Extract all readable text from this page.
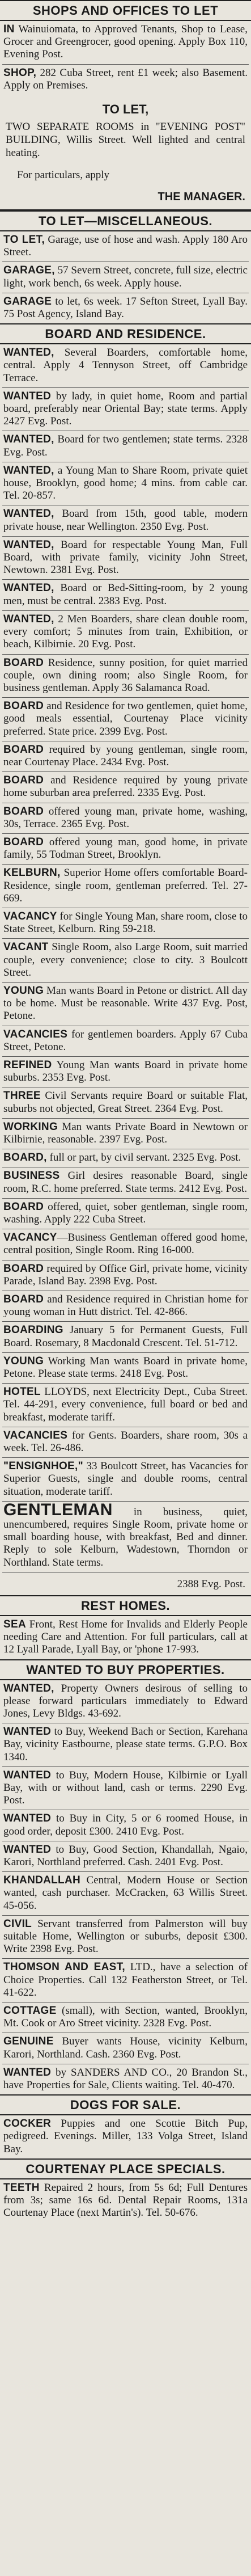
SHOPS AND OFFICES TO LET

IN Wainuiomata, to Approved Tenants, Shop to Lease, Grocer and Greengrocer, good opening. Apply Box 110, Evening Post.

SHOP, 282 Cuba Street, rent £1 week; also Basement. Apply on Premises.

TO LET,
TWO SEPARATE ROOMS in "EVENING POST" BUILDING, Willis Street. Well lighted and central heating.
For particulars, apply
THE MANAGER.
TO LET—MISCELLANEOUS.

TO LET, Garage, use of hose and wash. Apply 180 Aro Street.

GARAGE, 57 Severn Street, concrete, full size, electric light, work bench, 6s week. Apply house.

GARAGE to let, 6s week. 17 Sefton Street, Lyall Bay. 75 Post Agency, Island Bay.

BOARD AND RESIDENCE.

WANTED, Several Boarders, comfortable home, central. Apply 4 Tennyson Street, off Cambridge Terrace.

WANTED by lady, in quiet home, Room and partial board, preferably near Oriental Bay; state terms. Apply 2427 Evg. Post.

WANTED, Board for two gentlemen; state terms. 2328 Evg. Post.

WANTED, a Young Man to Share Room, private quiet house, Brooklyn, good home; 4 mins. from cable car. Tel. 20-857.

WANTED, Board from 15th, good table, modern private house, near Wellington. 2350 Evg. Post.

WANTED, Board for respectable Young Man, Full Board, with private family, vicinity John Street, Newtown. 2381 Evg. Post.

WANTED, Board or Bed-Sitting-room, by 2 young men, must be central. 2383 Evg. Post.

WANTED, 2 Men Boarders, share clean double room, every comfort; 5 minutes from train, Exhibition, or beach, Kilbirnie. 20 Evg. Post.

BOARD Residence, sunny position, for quiet married couple, own dining room; also Single Room, for business gentleman. Apply 36 Salamanca Road.

BOARD and Residence for two gentlemen, quiet home, good meals essential, Courtenay Place vicinity preferred. State price. 2399 Evg. Post.

BOARD required by young gentleman, single room, near Courtenay Place. 2434 Evg. Post.

BOARD and Residence required by young private home suburban area preferred. 2335 Evg. Post.

BOARD offered young man, private home, washing, 30s, Terrace. 2365 Evg. Post.

BOARD offered young man, good home, in private family, 55 Todman Street, Brooklyn.

KELBURN, Superior Home offers comfortable Board-Residence, single room, gentleman preferred. Tel. 27-669.

VACANCY for Single Young Man, share room, close to State Street, Kelburn. Ring 59-218.

VACANT Single Room, also Large Room, suit married couple, every convenience; close to city. 3 Boulcott Street.

YOUNG Man wants Board in Petone or district. All day to be home. Must be reasonable. Write 437 Evg. Post, Petone.

VACANCIES for gentlemen boarders. Apply 67 Cuba Street, Petone.

REFINED Young Man wants Board in private home suburbs. 2353 Evg. Post.

THREE Civil Servants require Board or suitable Flat, suburbs not objected, Great Street. 2364 Evg. Post.

WORKING Man wants Private Board in Newtown or Kilbirnie, reasonable. 2397 Evg. Post.

BOARD, full or part, by civil servant. 2325 Evg. Post.

BUSINESS Girl desires reasonable Board, single room, R.C. home preferred. State terms. 2412 Evg. Post.

BOARD offered, quiet, sober gentleman, single room, washing. Apply 222 Cuba Street.

VACANCY—Business Gentleman offered good home, central position, Single Room. Ring 16-000.

BOARD required by Office Girl, private home, vicinity Parade, Island Bay. 2398 Evg. Post.

BOARD and Residence required in Christian home for young woman in Hutt district. Tel. 42-866.

BOARDING January 5 for Permanent Guests, Full Board. Rosemary, 8 Macdonald Crescent. Tel. 51-712.

YOUNG Working Man wants Board in private home, Petone. Please state terms. 2418 Evg. Post.

HOTEL LLOYDS, next Electricity Dept., Cuba Street. Tel. 44-291, every convenience, full board or bed and breakfast, moderate tariff.

VACANCIES for Gents. Boarders, share room, 30s a week. Tel. 26-486.

"ENSIGNHOE," 33 Boulcott Street, has Vacancies for Superior Guests, single and double rooms, central situation, moderate tariff.

GENTLEMAN in business, quiet, unencumbered, requires Single Room, private home or small boarding house, with breakfast, Bed and dinner. Reply to sole Kelburn, Wadestown, Thorndon or Northland. State terms.

2388 Evg. Post.
REST HOMES.

SEA Front, Rest Home for Invalids and Elderly People needing Care and Attention. For full particulars, call at 12 Lyall Parade, Lyall Bay, or 'phone 17-993.

WANTED TO BUY PROPERTIES.

WANTED, Property Owners desirous of selling to please forward particulars immediately to Edward Jones, Levy Bldgs. 43-692.

WANTED to Buy, Weekend Bach or Section, Karehana Bay, vicinity Eastbourne, please state terms. G.P.O. Box 1340.

WANTED to Buy, Modern House, Kilbirnie or Lyall Bay, with or without land, cash or terms. 2290 Evg. Post.

WANTED to Buy in City, 5 or 6 roomed House, in good order, deposit £300. 2410 Evg. Post.

WANTED to Buy, Good Section, Khandallah, Ngaio, Karori, Northland preferred. Cash. 2401 Evg. Post.

KHANDALLAH Central, Modern House or Section wanted, cash purchaser. McCracken, 63 Willis Street. 45-056.

CIVIL Servant transferred from Palmerston will buy suitable Home, Wellington or suburbs, deposit £300. Write 2398 Evg. Post.

THOMSON AND EAST, LTD., have a selection of Choice Properties. Call 132 Featherston Street, or Tel. 41-622.

COTTAGE (small), with Section, wanted, Brooklyn, Mt. Cook or Aro Street vicinity. 2328 Evg. Post.

GENUINE Buyer wants House, vicinity Kelburn, Karori, Northland. Cash. 2360 Evg. Post.

WANTED by SANDERS AND CO., 20 Brandon St., have Properties for Sale, Clients waiting. Tel. 40-470.

DOGS FOR SALE.

COCKER Puppies and one Scottie Bitch Pup, pedigreed. Evenings. Miller, 133 Volga Street, Island Bay.

COURTENAY PLACE SPECIALS.

TEETH Repaired 2 hours, from 5s 6d; Full Dentures from 3s; same 16s 6d. Dental Repair Rooms, 131a Courtenay Place (next Martin's). Tel. 50-676.
